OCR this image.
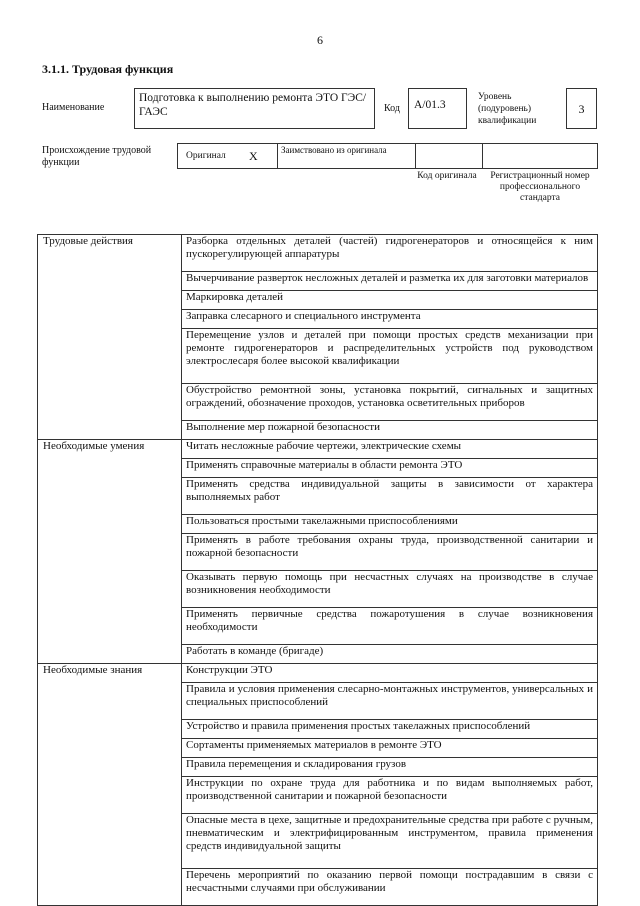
6
3.1.1. Трудовая функция
Наименование
Подготовка к выполнению ремонта ЭТО ГЭС/ГАЭС	Код	А/01.3
Уровень (подуровень) квалификации
3
Происхождение трудовой функции
Оригинал X	Заимствовано из оригинала
Код оригинала	Регистрационный номер профессионального стандарта
Трудовые действия	Разборка отдельных деталей (частей) гидрогенераторов и относящейся к ним пускорегулирующей аппаратуры
	Вычерчивание разверток несложных деталей и разметка их для заготовки материалов
	Маркировка деталей
	Заправка слесарного и специального инструмента
	Перемещение узлов и деталей при помощи простых средств механизации при ремонте гидрогенераторов и распределительных устройств под руководством электрослесаря более высокой квалификации
	Обустройство ремонтной зоны, установка покрытий, сигнальных и защитных ограждений, обозначение проходов, установка осветительных приборов
	Выполнение мер пожарной безопасности
Необходимые умения	Читать несложные рабочие чертежи, электрические схемы
	Применять справочные материалы в области ремонта ЭТО
	Применять средства индивидуальной защиты в зависимости от характера выполняемых работ
	Пользоваться простыми такелажными приспособлениями
	Применять в работе требования охраны труда, производственной санитарии и пожарной безопасности
	Оказывать первую помощь при несчастных случаях на производстве в случае возникновения необходимости
	Применять первичные средства пожаротушения в случае возникновения необходимости
	Работать в команде (бригаде)
Необходимые знания	Конструкции ЭТО
	Правила и условия применения слесарно-монтажных инструментов, универсальных и специальных приспособлений
	Устройство и правила применения простых такелажных приспособлений
	Сортаменты применяемых материалов в ремонте ЭТО
	Правила перемещения и складирования грузов
	Инструкции по охране труда для работника и по видам выполняемых работ, производственной санитарии и пожарной безопасности
	Опасные места в цехе, защитные и предохранительные средства при работе с ручным, пневматическим и электрифицированным инструментом, правила применения средств индивидуальной защиты
	Перечень мероприятий по оказанию первой помощи пострадавшим в связи с несчастными случаями при обслуживании
